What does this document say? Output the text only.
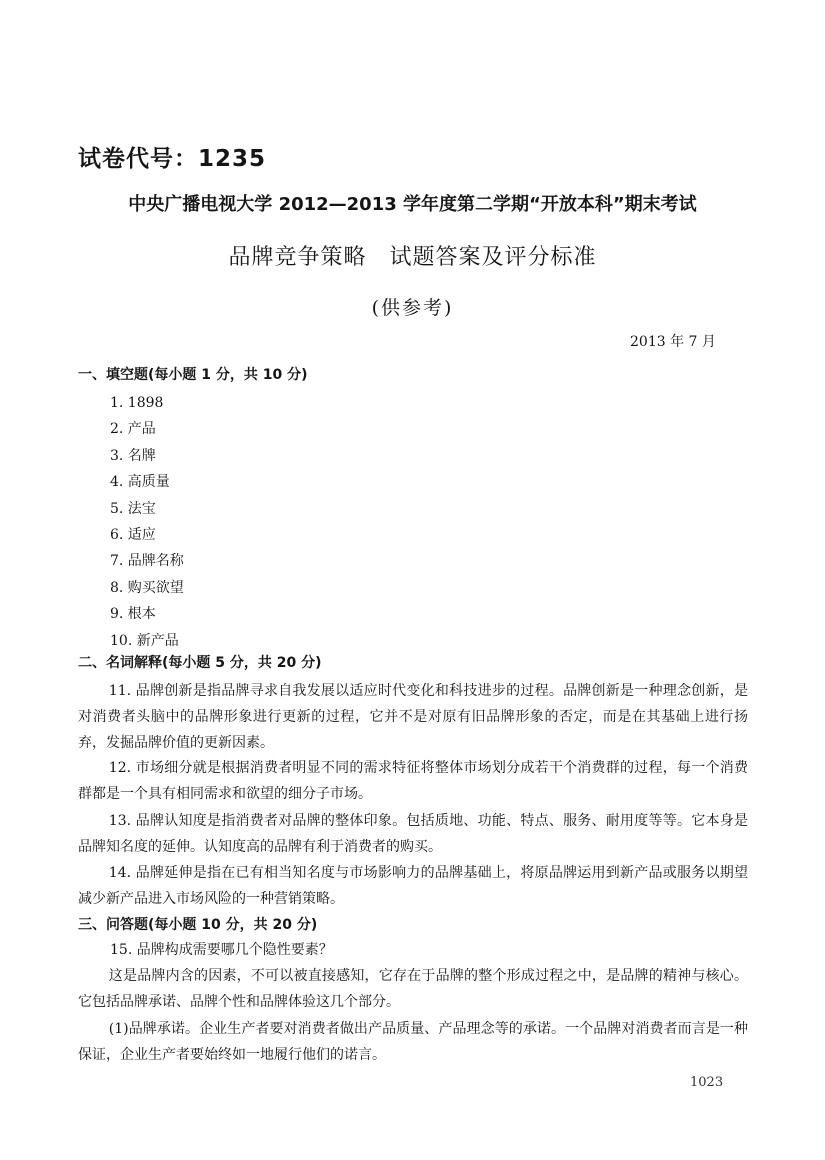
试卷代号：1235
中央广播电视大学 2012—2013 学年度第二学期“开放本科”期末考试
品牌竞争策略　试题答案及评分标准
(供参考)
2013 年 7 月
一、填空题(每小题 1 分，共 10 分)
1. 1898
2. 产品
3. 名牌
4. 高质量
5. 法宝
6. 适应
7. 品牌名称
8. 购买欲望
9. 根本
10. 新产品
二、名词解释(每小题 5 分，共 20 分)

11. 品牌创新是指品牌寻求自我发展以适应时代变化和科技进步的过程。品牌创新是一种理念创新，是对消费者头脑中的品牌形象进行更新的过程，它并不是对原有旧品牌形象的否定，而是在其基础上进行扬弃，发掘品牌价值的更新因素。

12. 市场细分就是根据消费者明显不同的需求特征将整体市场划分成若干个消费群的过程，每一个消费群都是一个具有相同需求和欲望的细分子市场。

13. 品牌认知度是指消费者对品牌的整体印象。包括质地、功能、特点、服务、耐用度等等。它本身是品牌知名度的延伸。认知度高的品牌有利于消费者的购买。

14. 品牌延伸是指在已有相当知名度与市场影响力的品牌基础上，将原品牌运用到新产品或服务以期望减少新产品进入市场风险的一种营销策略。

三、问答题(每小题 10 分，共 20 分)
15. 品牌构成需要哪几个隐性要素？

这是品牌内含的因素，不可以被直接感知，它存在于品牌的整个形成过程之中，是品牌的精神与核心。它包括品牌承诺、品牌个性和品牌体验这几个部分。

(1)品牌承诺。企业生产者要对消费者做出产品质量、产品理念等的承诺。一个品牌对消费者而言是一种保证，企业生产者要始终如一地履行他们的诺言。

1023
